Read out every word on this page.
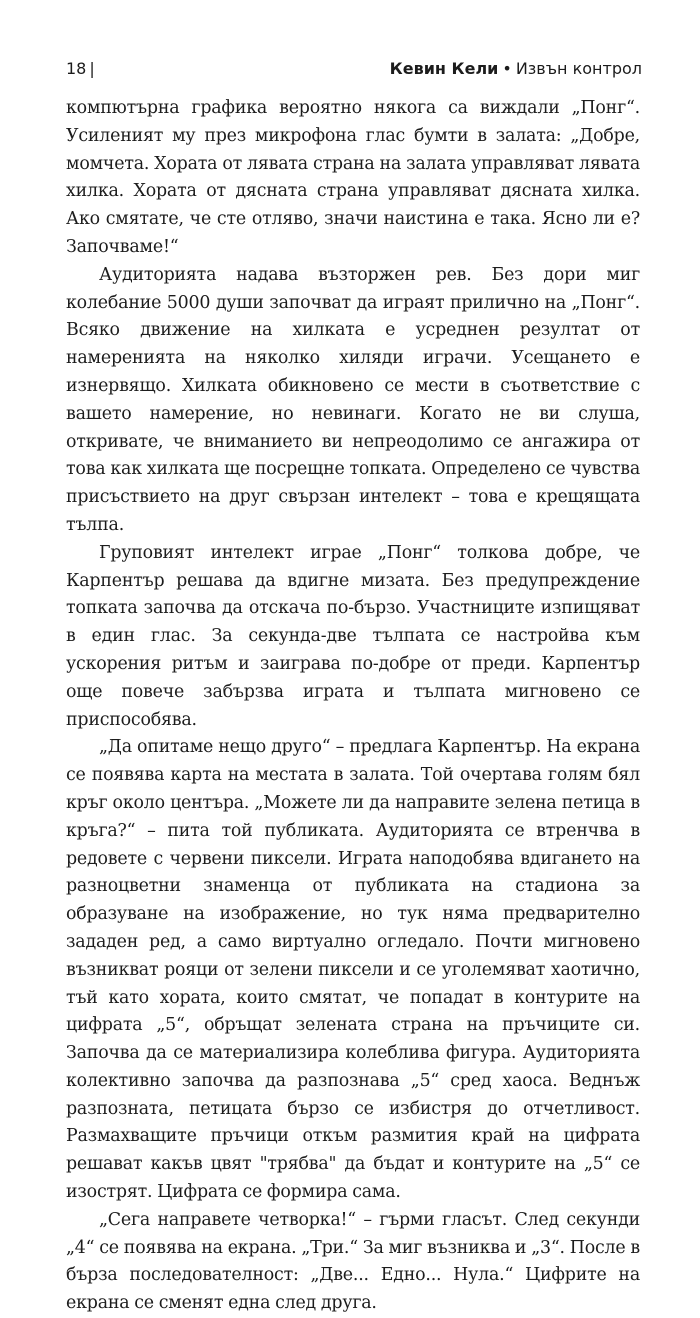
18 |	Кевин Кели • Извън контрол

компютърна графика вероятно някога са виждали „Понг“. Усиленият му през микрофона глас бумти в залата: „Добре, момчета. Хората от лявата страна на залата управляват лявата хилка. Хората от дясната страна управляват дясната хилка. Ако смятате, че сте отляво, значи наистина е така. Ясно ли е? Започваме!“

Аудиторията надава възторжен рев. Без дори миг колебание 5000 души започват да играят прилично на „Понг“. Всяко движение на хилката е усреднен резултат от намеренията на няколко хиляди играчи. Усещането е изнервящо. Хилката обикновено се мести в съответствие с вашето намерение, но невинаги. Когато не ви слуша, откривате, че вниманието ви непреодолимо се ангажира от това как хилката ще посрещне топката. Определено се чувства присъствието на друг свързан интелект – това е крещящата тълпа.

Груповият интелект играе „Понг“ толкова добре, че Карпентър решава да вдигне мизата. Без предупреждение топката започва да отскача по-бързо. Участниците изпищяват в един глас. За секунда-две тълпата се настройва към ускорения ритъм и заиграва по-добре от преди. Карпентър още повече забързва играта и тълпата мигновено се приспособява.

„Да опитаме нещо друго“ – предлага Карпентър. На екрана се появява карта на местата в залата. Той очертава голям бял кръг около центъра. „Можете ли да направите зелена петица в кръга?“ – пита той публиката. Аудиторията се втренчва в редовете с червени пиксели. Играта наподобява вдигането на разноцветни знаменца от публиката на стадиона за образуване на изображение, но тук няма предварително зададен ред, а само виртуално огледало. Почти мигновено възникват рояци от зелени пиксели и се уголемяват хаотично, тъй като хората, които смятат, че попадат в контурите на цифрата „5“, обръщат зелената страна на пръчиците си. Започва да се материализира колеблива фигура. Аудиторията колективно започва да разпознава „5“ сред хаоса. Веднъж разпозната, петицата бързо се избистря до отчетливост. Размахващите пръчици откъм размития край на цифрата решават какъв цвят "трябва" да бъдат и контурите на „5“ се изострят. Цифрата се формира сама.

„Сега направете четворка!“ – гърми гласът. След секунди „4“ се появява на екрана. „Три.“ За миг възниква и „3“. После в бърза последователност: „Две... Едно... Нула.“ Цифрите на екрана се сменят една след друга.
